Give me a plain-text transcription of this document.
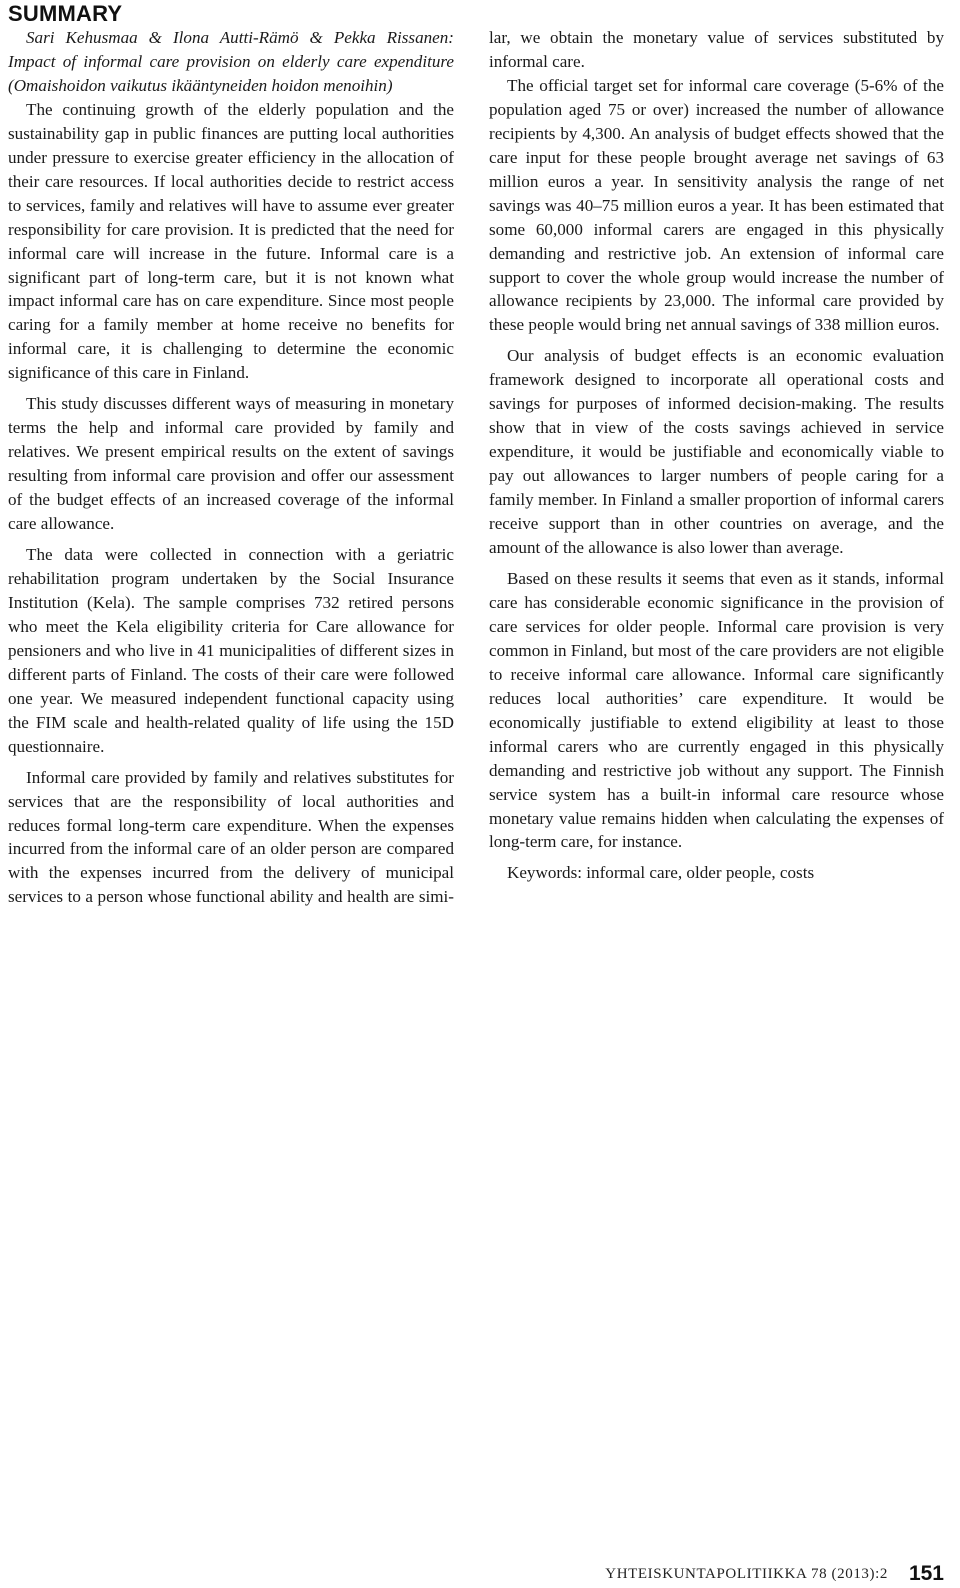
SUMMARY

Sari Kehusmaa & Ilona Autti-Rämö & Pekka Rissanen: Impact of informal care provision on elderly care expenditure (Omaishoidon vaikutus ikääntyneiden hoidon menoihin)

The continuing growth of the elderly population and the sustainability gap in public finances are putting local authorities under pressure to exercise greater efficiency in the allocation of their care resources. If local authorities decide to restrict access to services, family and relatives will have to assume ever greater responsibility for care provision. It is predicted that the need for informal care will increase in the future. Informal care is a significant part of long-term care, but it is not known what impact informal care has on care expenditure. Since most people caring for a family member at home receive no benefits for informal care, it is challenging to determine the economic significance of this care in Finland.

This study discusses different ways of measuring in monetary terms the help and informal care provided by family and relatives. We present empirical results on the extent of savings resulting from informal care provision and offer our assessment of the budget effects of an increased coverage of the informal care allowance.

The data were collected in connection with a geriatric rehabilitation program undertaken by the Social Insurance Institution (Kela). The sample comprises 732 retired persons who meet the Kela eligibility criteria for Care allowance for pensioners and who live in 41 municipalities of different sizes in different parts of Finland. The costs of their care were followed one year. We measured independent functional capacity using the FIM scale and health-related quality of life using the 15D questionnaire.

Informal care provided by family and relatives substitutes for services that are the responsibility of local authorities and reduces formal long-term care expenditure. When the expenses incurred from the informal care of an older person are compared with the expenses incurred from the delivery of municipal services to a person whose functional ability and health are simi-

lar, we obtain the monetary value of services substituted by informal care.

The official target set for informal care coverage (5-6% of the population aged 75 or over) increased the number of allowance recipients by 4,300. An analysis of budget effects showed that the care input for these people brought average net savings of 63 million euros a year. In sensitivity analysis the range of net savings was 40–75 million euros a year. It has been estimated that some 60,000 informal carers are engaged in this physically demanding and restrictive job. An extension of informal care support to cover the whole group would increase the number of allowance recipients by 23,000. The informal care provided by these people would bring net annual savings of 338 million euros.

Our analysis of budget effects is an economic evaluation framework designed to incorporate all operational costs and savings for purposes of informed decision-making. The results show that in view of the costs savings achieved in service expenditure, it would be justifiable and economically viable to pay out allowances to larger numbers of people caring for a family member. In Finland a smaller proportion of informal carers receive support than in other countries on average, and the amount of the allowance is also lower than average.

Based on these results it seems that even as it stands, informal care has considerable economic significance in the provision of care services for older people. Informal care provision is very common in Finland, but most of the care providers are not eligible to receive informal care allowance. Informal care significantly reduces local authorities’ care expenditure. It would be economically justifiable to extend eligibility at least to those informal carers who are currently engaged in this physically demanding and restrictive job without any support. The Finnish service system has a built-in informal care resource whose monetary value remains hidden when calculating the expenses of long-term care, for instance.

Keywords: informal care, older people, costs

YHTEISKUNTAPOLITIIKKA 78 (2013):2 151
